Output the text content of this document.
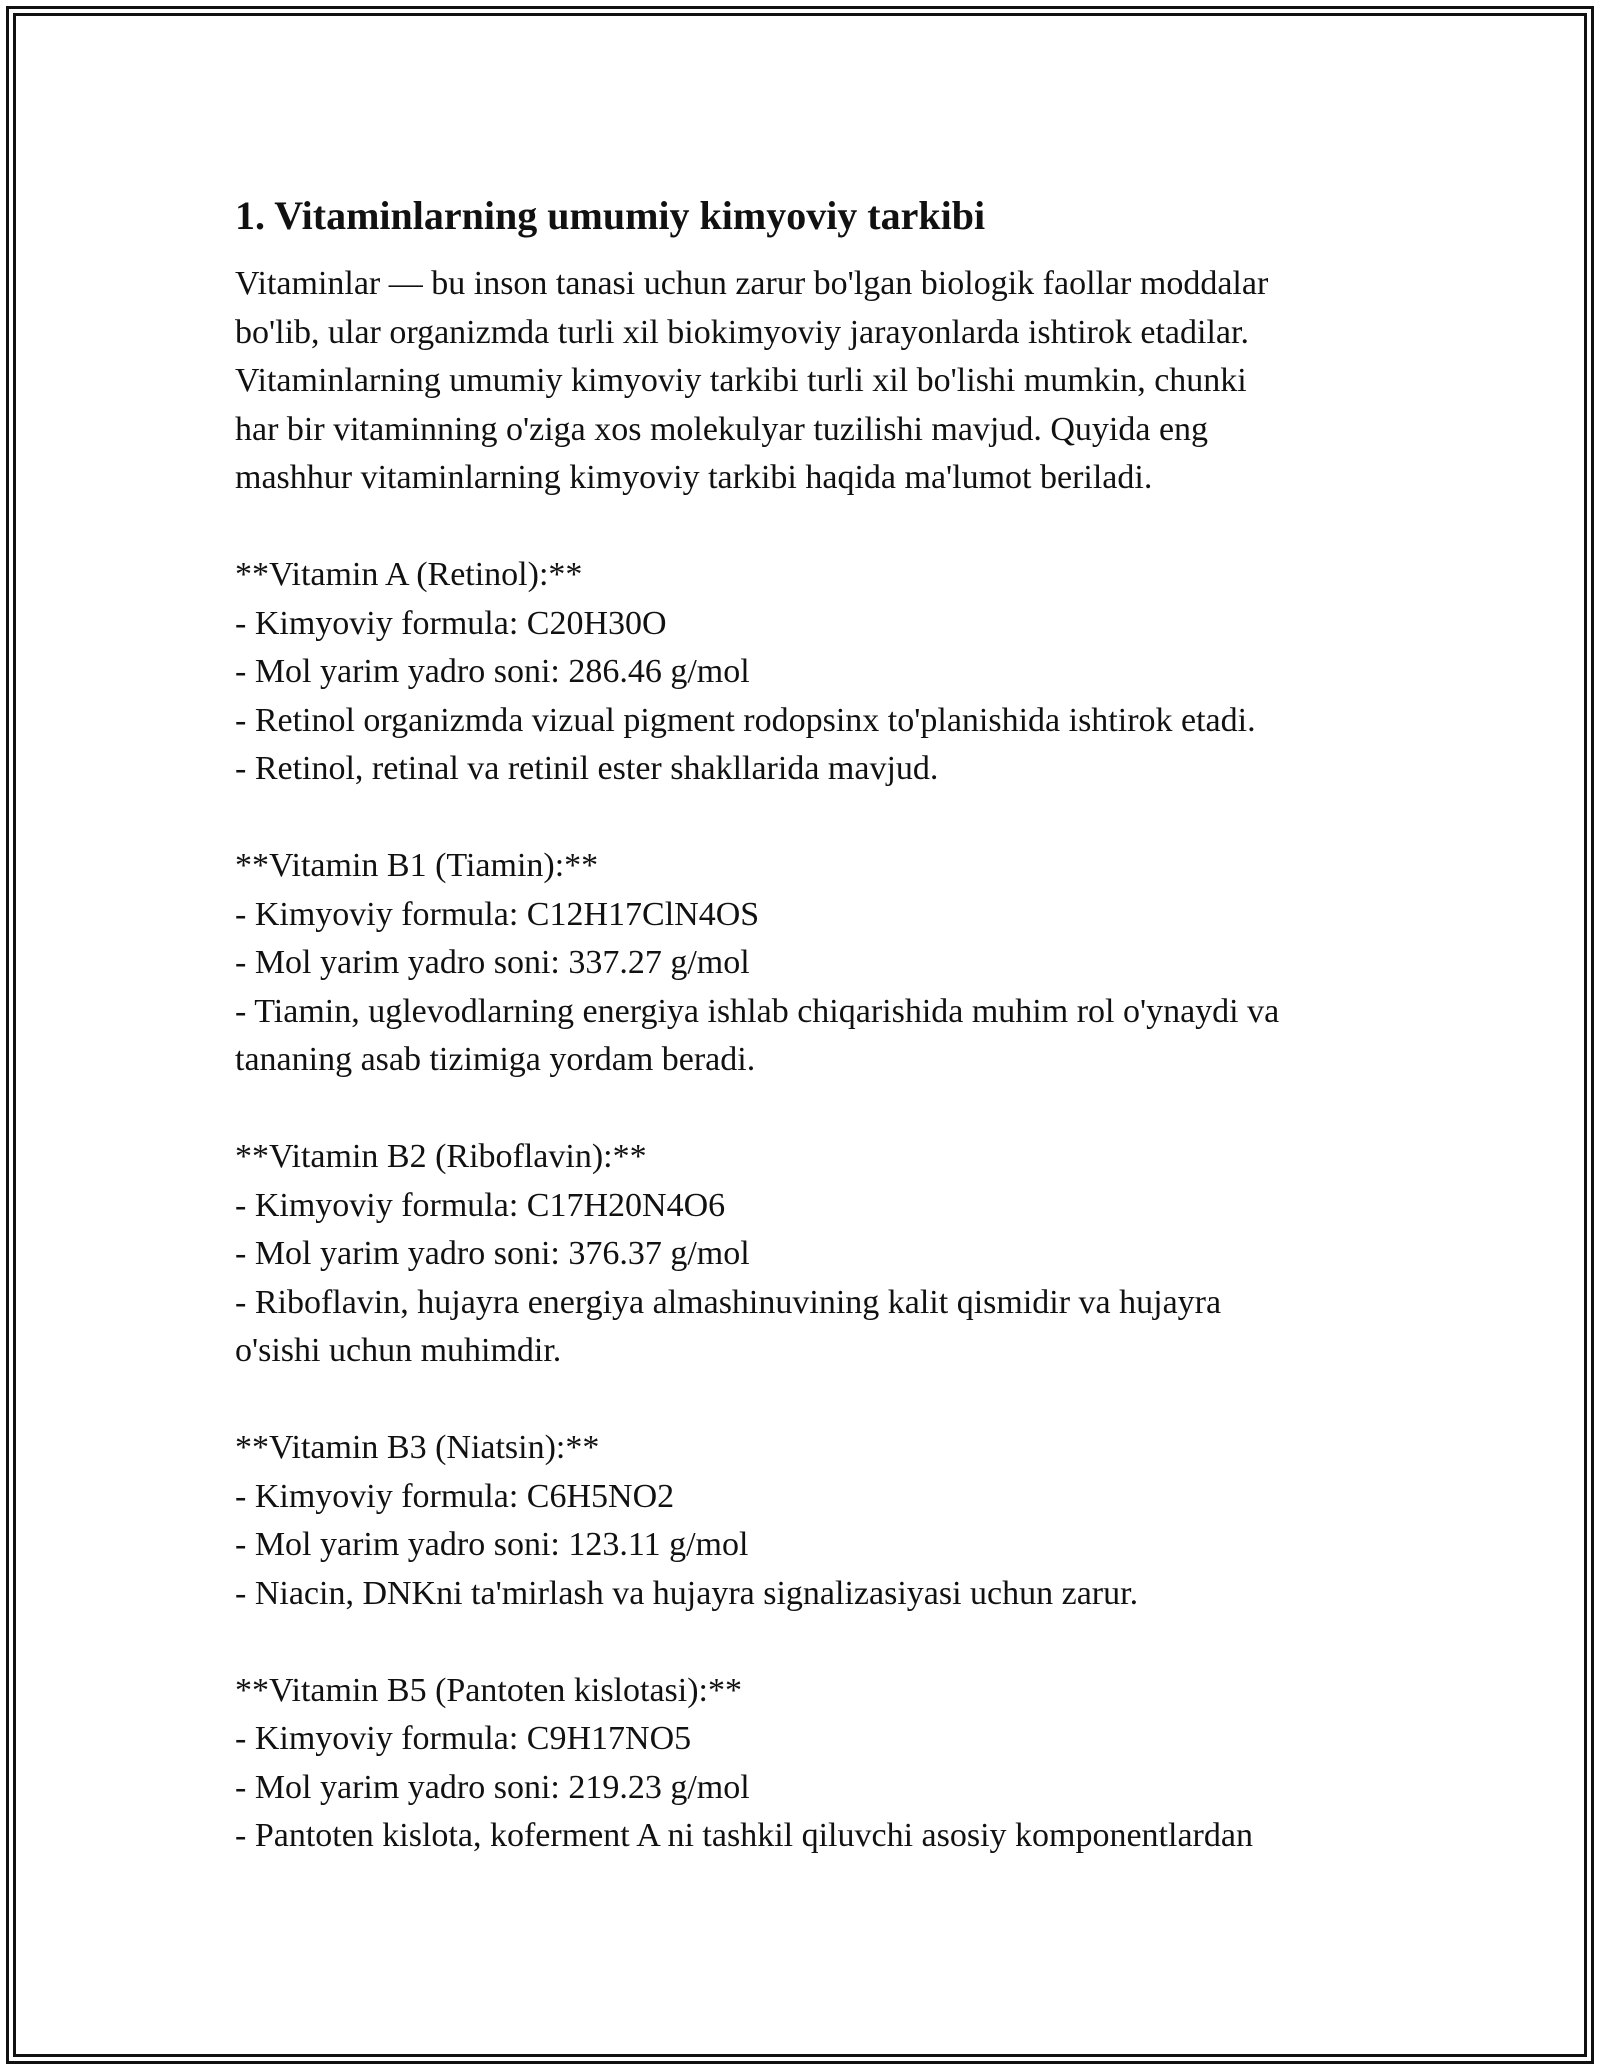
1. Vitaminlarning umumiy kimyoviy tarkibi

Vitaminlar — bu inson tanasi uchun zarur bo'lgan biologik faollar moddalar

bo'lib, ular organizmda turli xil biokimyoviy jarayonlarda ishtirok etadilar.

Vitaminlarning umumiy kimyoviy tarkibi turli xil bo'lishi mumkin, chunki

har bir vitaminning o'ziga xos molekulyar tuzilishi mavjud. Quyida eng

mashhur vitaminlarning kimyoviy tarkibi haqida ma'lumot beriladi.

**Vitamin A (Retinol):**

- Kimyoviy formula: C20H30O

- Mol yarim yadro soni: 286.46 g/mol

- Retinol organizmda vizual pigment rodopsinx to'planishida ishtirok etadi.

- Retinol, retinal va retinil ester shakllarida mavjud.

**Vitamin B1 (Tiamin):**

- Kimyoviy formula: C12H17ClN4OS

- Mol yarim yadro soni: 337.27 g/mol

- Tiamin, uglevodlarning energiya ishlab chiqarishida muhim rol o'ynaydi va

tananing asab tizimiga yordam beradi.

**Vitamin B2 (Riboflavin):**

- Kimyoviy formula: C17H20N4O6

- Mol yarim yadro soni: 376.37 g/mol

- Riboflavin, hujayra energiya almashinuvining kalit qismidir va hujayra

o'sishi uchun muhimdir.

**Vitamin B3 (Niatsin):**

- Kimyoviy formula: C6H5NO2

- Mol yarim yadro soni: 123.11 g/mol

- Niacin, DNKni ta'mirlash va hujayra signalizasiyasi uchun zarur.

**Vitamin B5 (Pantoten kislotasi):**

- Kimyoviy formula: C9H17NO5

- Mol yarim yadro soni: 219.23 g/mol

- Pantoten kislota, koferment A ni tashkil qiluvchi asosiy komponentlardan
